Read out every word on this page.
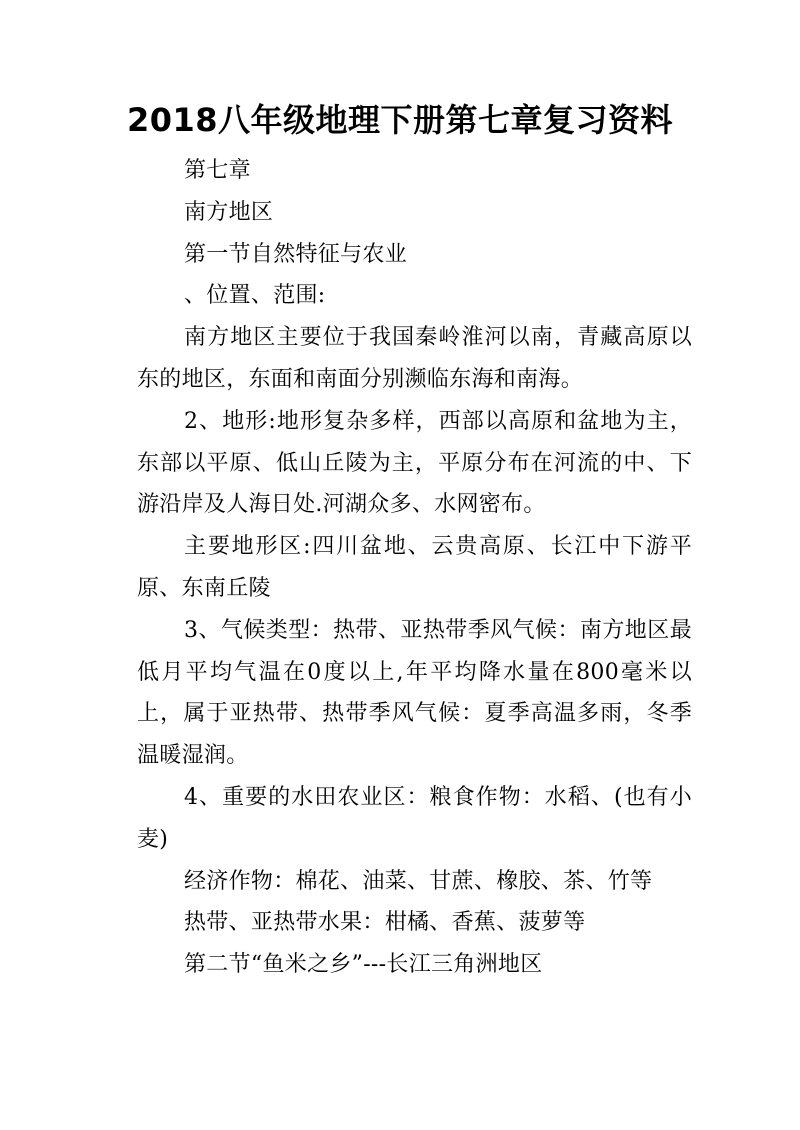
2018八年级地理下册第七章复习资料

第七章

南方地区

第一节自然特征与农业

、位置、范围:

南方地区主要位于我国秦岭淮河以南，青藏高原以东的地区，东面和南面分别濒临东海和南海。

2、地形:地形复杂多样，西部以高原和盆地为主，东部以平原、低山丘陵为主，平原分布在河流的中、下游沿岸及人海日处.河湖众多、水网密布。

主要地形区:四川盆地、云贵高原、长江中下游平原、东南丘陵

3、气候类型：热带、亚热带季风气候：南方地区最低月平均气温在0度以上,年平均降水量在800毫米以上，属于亚热带、热带季风气候：夏季高温多雨，冬季温暖湿润。

4、重要的水田农业区：粮食作物：水稻、(也有小麦)

经济作物：棉花、油菜、甘蔗、橡胶、茶、竹等

热带、亚热带水果：柑橘、香蕉、菠萝等

第二节“鱼米之乡”---长江三角洲地区
